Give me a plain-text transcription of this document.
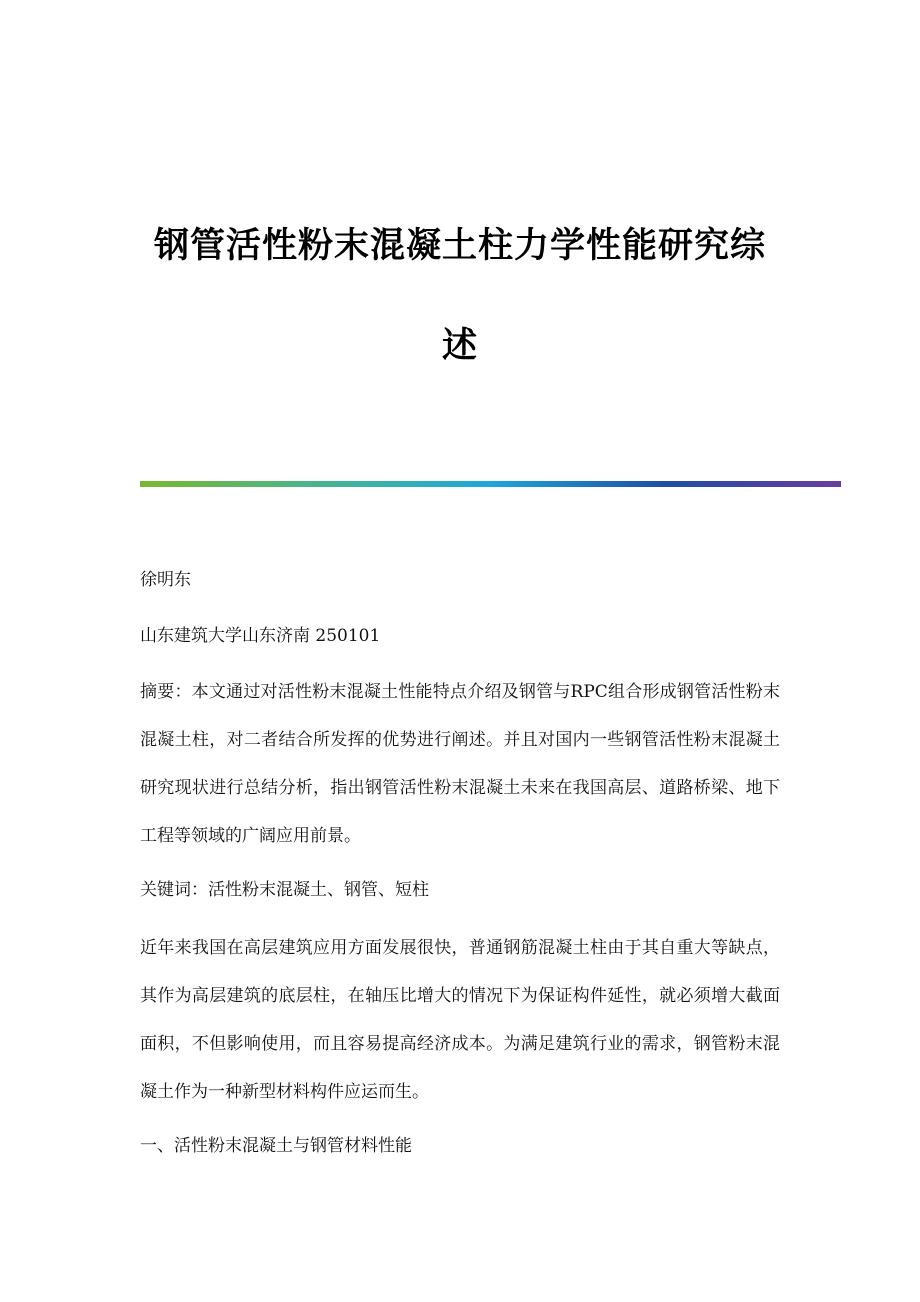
钢管活性粉末混凝土柱力学性能研究综
述

徐明东

山东建筑大学山东济南 250101

摘要：本文通过对活性粉末混凝土性能特点介绍及钢管与RPC组合形成钢管活性粉末混凝土柱，对二者结合所发挥的优势进行阐述。并且对国内一些钢管活性粉末混凝土研究现状进行总结分析，指出钢管活性粉末混凝土未来在我国高层、道路桥梁、地下工程等领域的广阔应用前景。

关键词：活性粉末混凝土、钢管、短柱

近年来我国在高层建筑应用方面发展很快，普通钢筋混凝土柱由于其自重大等缺点，其作为高层建筑的底层柱，在轴压比增大的情况下为保证构件延性，就必须增大截面面积，不但影响使用，而且容易提高经济成本。为满足建筑行业的需求，钢管粉末混凝土作为一种新型材料构件应运而生。

一、活性粉末混凝土与钢管材料性能
